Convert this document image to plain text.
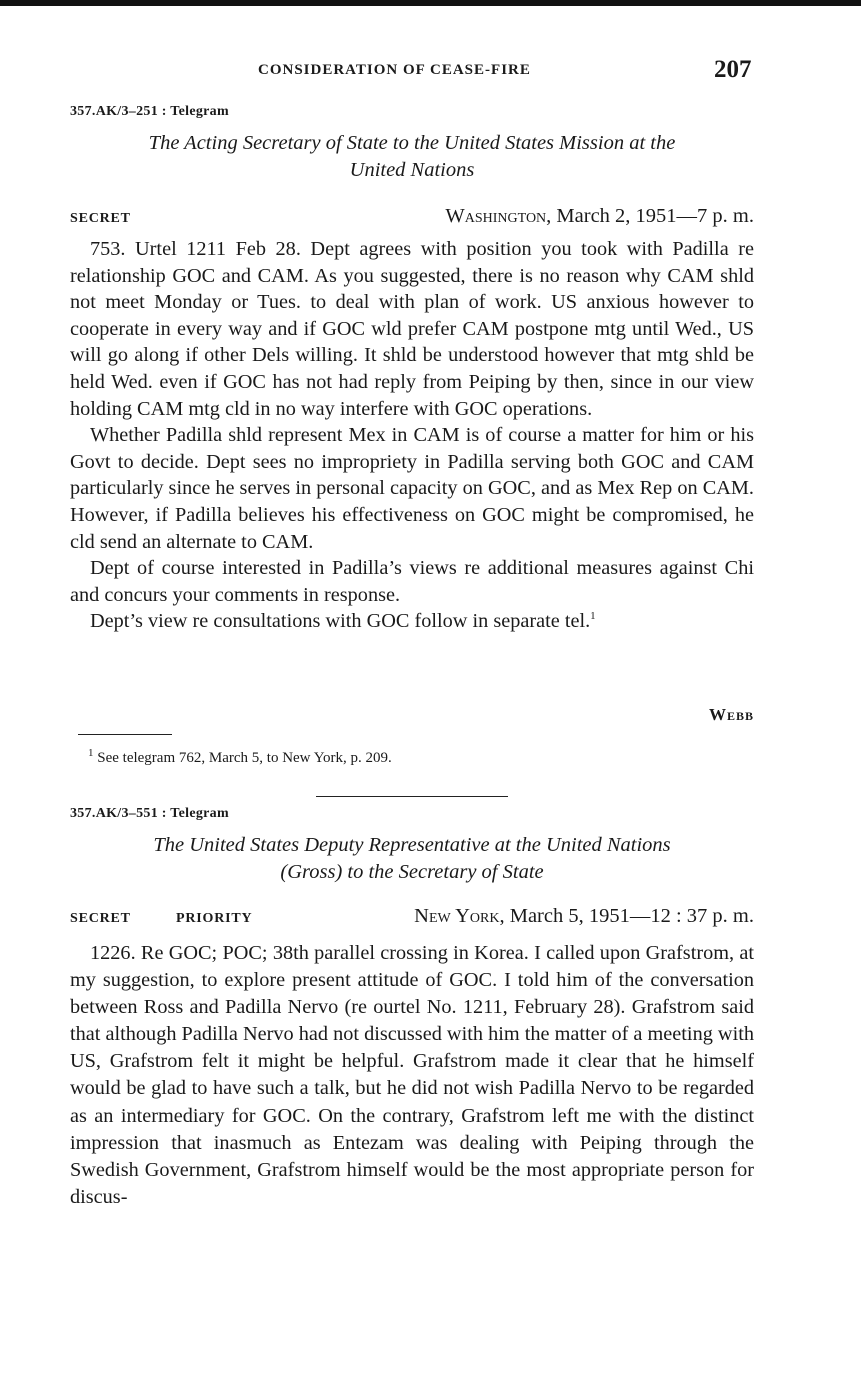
CONSIDERATION OF CEASE-FIRE	207
357.AK/3–251 : Telegram
The Acting Secretary of State to the United States Mission at the
United Nations
SECRET	Washington, March 2, 1951—7 p. m.

753. Urtel 1211 Feb 28. Dept agrees with position you took with Padilla re relationship GOC and CAM. As you suggested, there is no reason why CAM shld not meet Monday or Tues. to deal with plan of work. US anxious however to cooperate in every way and if GOC wld prefer CAM postpone mtg until Wed., US will go along if other Dels willing. It shld be understood however that mtg shld be held Wed. even if GOC has not had reply from Peiping by then, since in our view holding CAM mtg cld in no way interfere with GOC operations.

Whether Padilla shld represent Mex in CAM is of course a matter for him or his Govt to decide. Dept sees no impropriety in Padilla serving both GOC and CAM particularly since he serves in personal capacity on GOC, and as Mex Rep on CAM. However, if Padilla believes his effectiveness on GOC might be compromised, he cld send an alternate to CAM.

Dept of course interested in Padilla’s views re additional measures against Chi and concurs your comments in response.

Dept’s view re consultations with GOC follow in separate tel.$^1$

Webb
$^1$ See telegram 762, March 5, to New York, p. 209.
357.AK/3–551 : Telegram
The United States Deputy Representative at the United Nations
(Gross) to the Secretary of State
SECRET	PRIORITY	New York, March 5, 1951—12 : 37 p. m.

1226. Re GOC; POC; 38th parallel crossing in Korea. I called upon Grafstrom, at my suggestion, to explore present attitude of GOC. I told him of the conversation between Ross and Padilla Nervo (re ourtel No. 1211, February 28). Grafstrom said that although Padilla Nervo had not discussed with him the matter of a meeting with US, Grafstrom felt it might be helpful. Grafstrom made it clear that he himself would be glad to have such a talk, but he did not wish Padilla Nervo to be regarded as an intermediary for GOC. On the contrary, Grafstrom left me with the distinct impression that inasmuch as Entezam was dealing with Peiping through the Swedish Government, Grafstrom himself would be the most appropriate person for discus-
